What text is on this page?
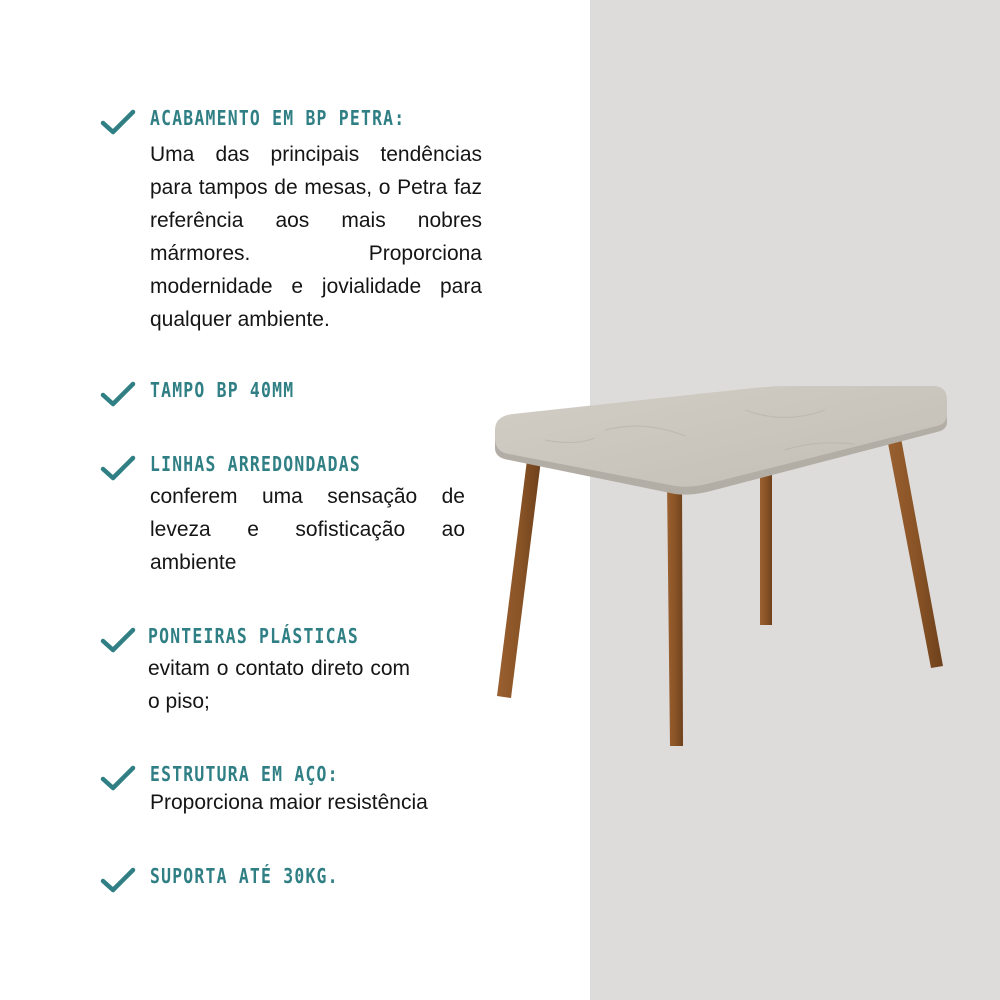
ACABAMENTO EM BP PETRA:
Uma das principais tendências para tampos de mesas, o Petra faz referência aos mais nobres mármores. Proporciona modernidade e jovialidade para qualquer ambiente.
TAMPO BP 40MM
LINHAS ARREDONDADAS
conferem uma sensação de leveza e sofisticação ao ambiente
PONTEIRAS PLÁSTICAS
evitam o contato direto com o piso;
ESTRUTURA EM AÇO:
Proporciona maior resistência
SUPORTA ATÉ 30KG.
